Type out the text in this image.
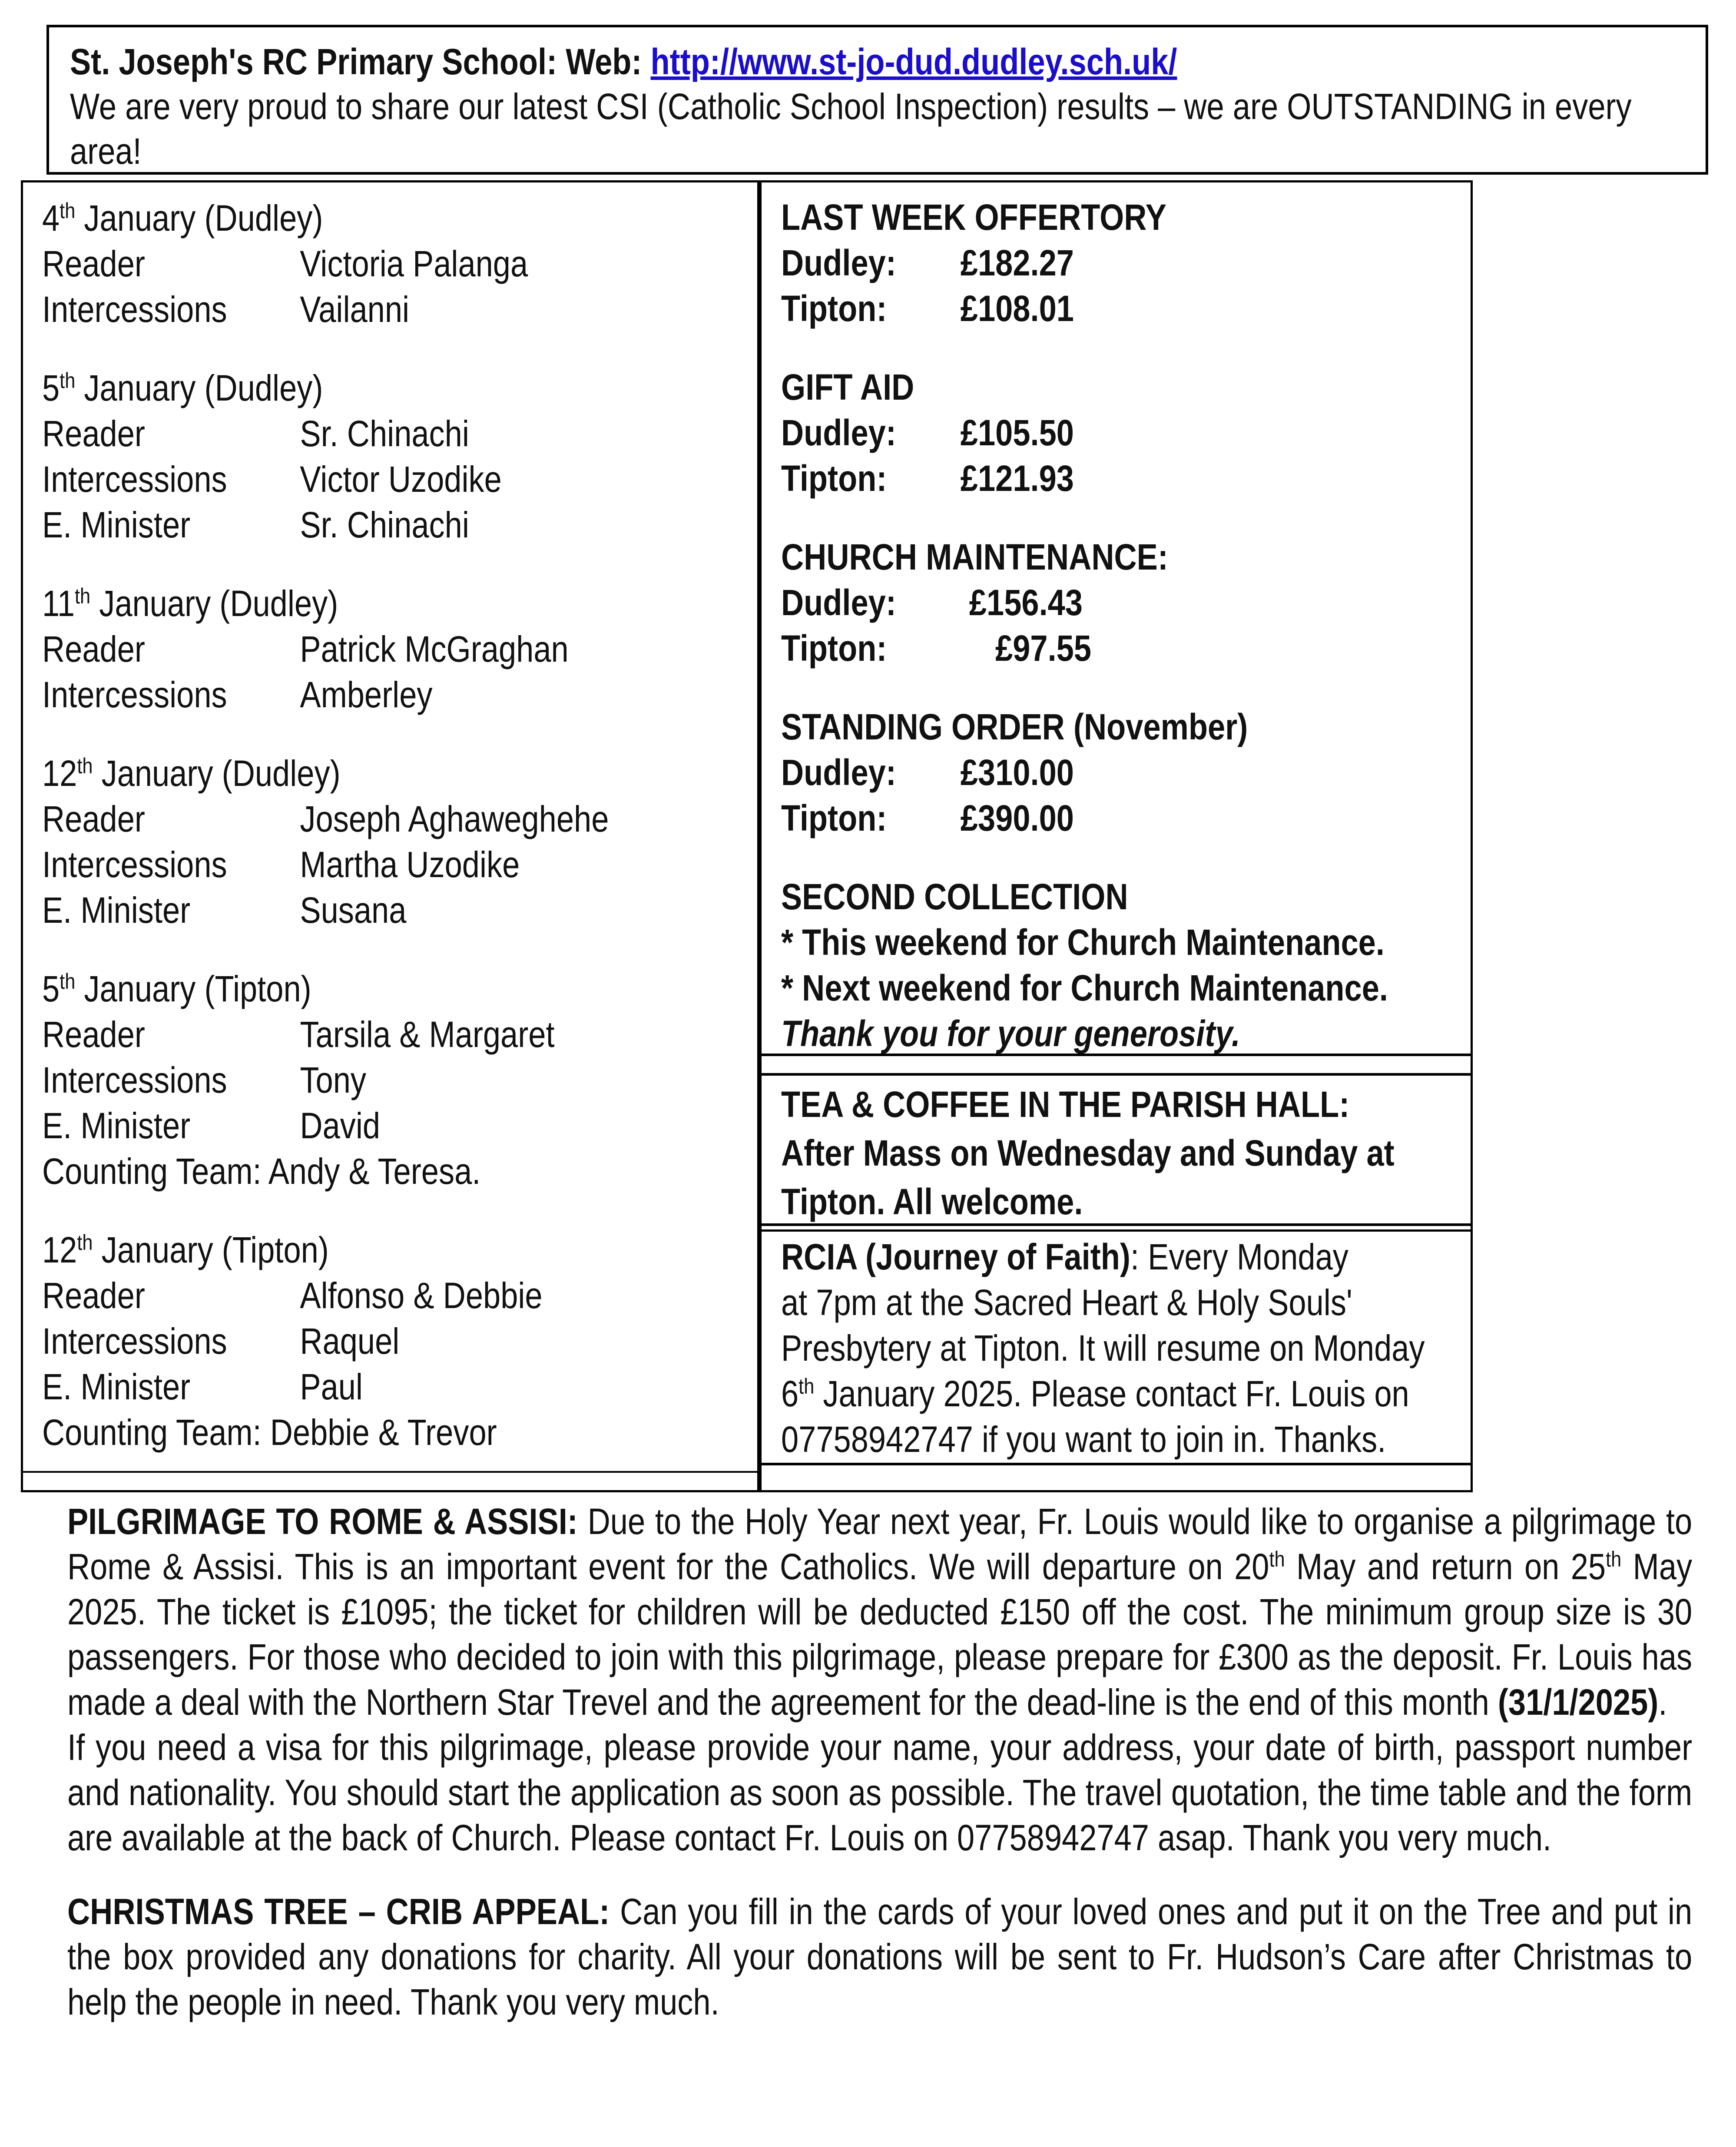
St. Joseph's RC Primary School: Web: http://www.st-jo-dud.dudley.sch.uk/
We are very proud to share our latest CSI (Catholic School Inspection) results – we are OUTSTANDING in every area!
4th January (Dudley)
Reader	Victoria Palanga
Intercessions	Vailanni
5th January (Dudley)
Reader	Sr. Chinachi
Intercessions	Victor Uzodike
E. Minister	Sr. Chinachi
11th January (Dudley)
Reader	Patrick McGraghan
Intercessions	Amberley
12th January (Dudley)
Reader	Joseph Aghaweghehe
Intercessions	Martha Uzodike
E. Minister	Susana
5th January (Tipton)
Reader	Tarsila & Margaret
Intercessions	Tony
E. Minister	David
Counting Team: Andy & Teresa.
12th January (Tipton)
Reader	Alfonso & Debbie
Intercessions	Raquel
E. Minister	Paul
Counting Team: Debbie & Trevor
LAST WEEK OFFERTORY
Dudley:	£182.27
Tipton:	£108.01
GIFT AID
Dudley:	£105.50
Tipton:	£121.93
CHURCH MAINTENANCE:
Dudley:	£156.43
Tipton:	£97.55
STANDING ORDER (November)
Dudley:	£310.00
Tipton:	£390.00
SECOND COLLECTION
* This weekend for Church Maintenance.
* Next weekend for Church Maintenance.
Thank you for your generosity.
TEA & COFFEE IN THE PARISH HALL:
After Mass on Wednesday and Sunday at
Tipton. All welcome.
RCIA (Journey of Faith): Every Monday
at 7pm at the Sacred Heart & Holy Souls'
Presbytery at Tipton. It will resume on Monday
6th January 2025. Please contact Fr. Louis on
07758942747 if you want to join in. Thanks.
PILGRIMAGE TO ROME & ASSISI: Due to the Holy Year next year, Fr. Louis would like to organise a pilgrimage to Rome & Assisi. This is an important event for the Catholics. We will departure on 20th May and return on 25th May 2025. The ticket is £1095; the ticket for children will be deducted £150 off the cost. The minimum group size is 30 passengers. For those who decided to join with this pilgrimage, please prepare for £300 as the deposit. Fr. Louis has made a deal with the Northern Star Trevel and the agreement for the dead-line is the end of this month (31/1/2025).
If you need a visa for this pilgrimage, please provide your name, your address, your date of birth, passport number and nationality. You should start the application as soon as possible. The travel quotation, the time table and the form are available at the back of Church. Please contact Fr. Louis on 07758942747 asap. Thank you very much.
CHRISTMAS TREE – CRIB APPEAL: Can you fill in the cards of your loved ones and put it on the Tree and put in the box provided any donations for charity. All your donations will be sent to Fr. Hudson’s Care after Christmas to help the people in need. Thank you very much.
